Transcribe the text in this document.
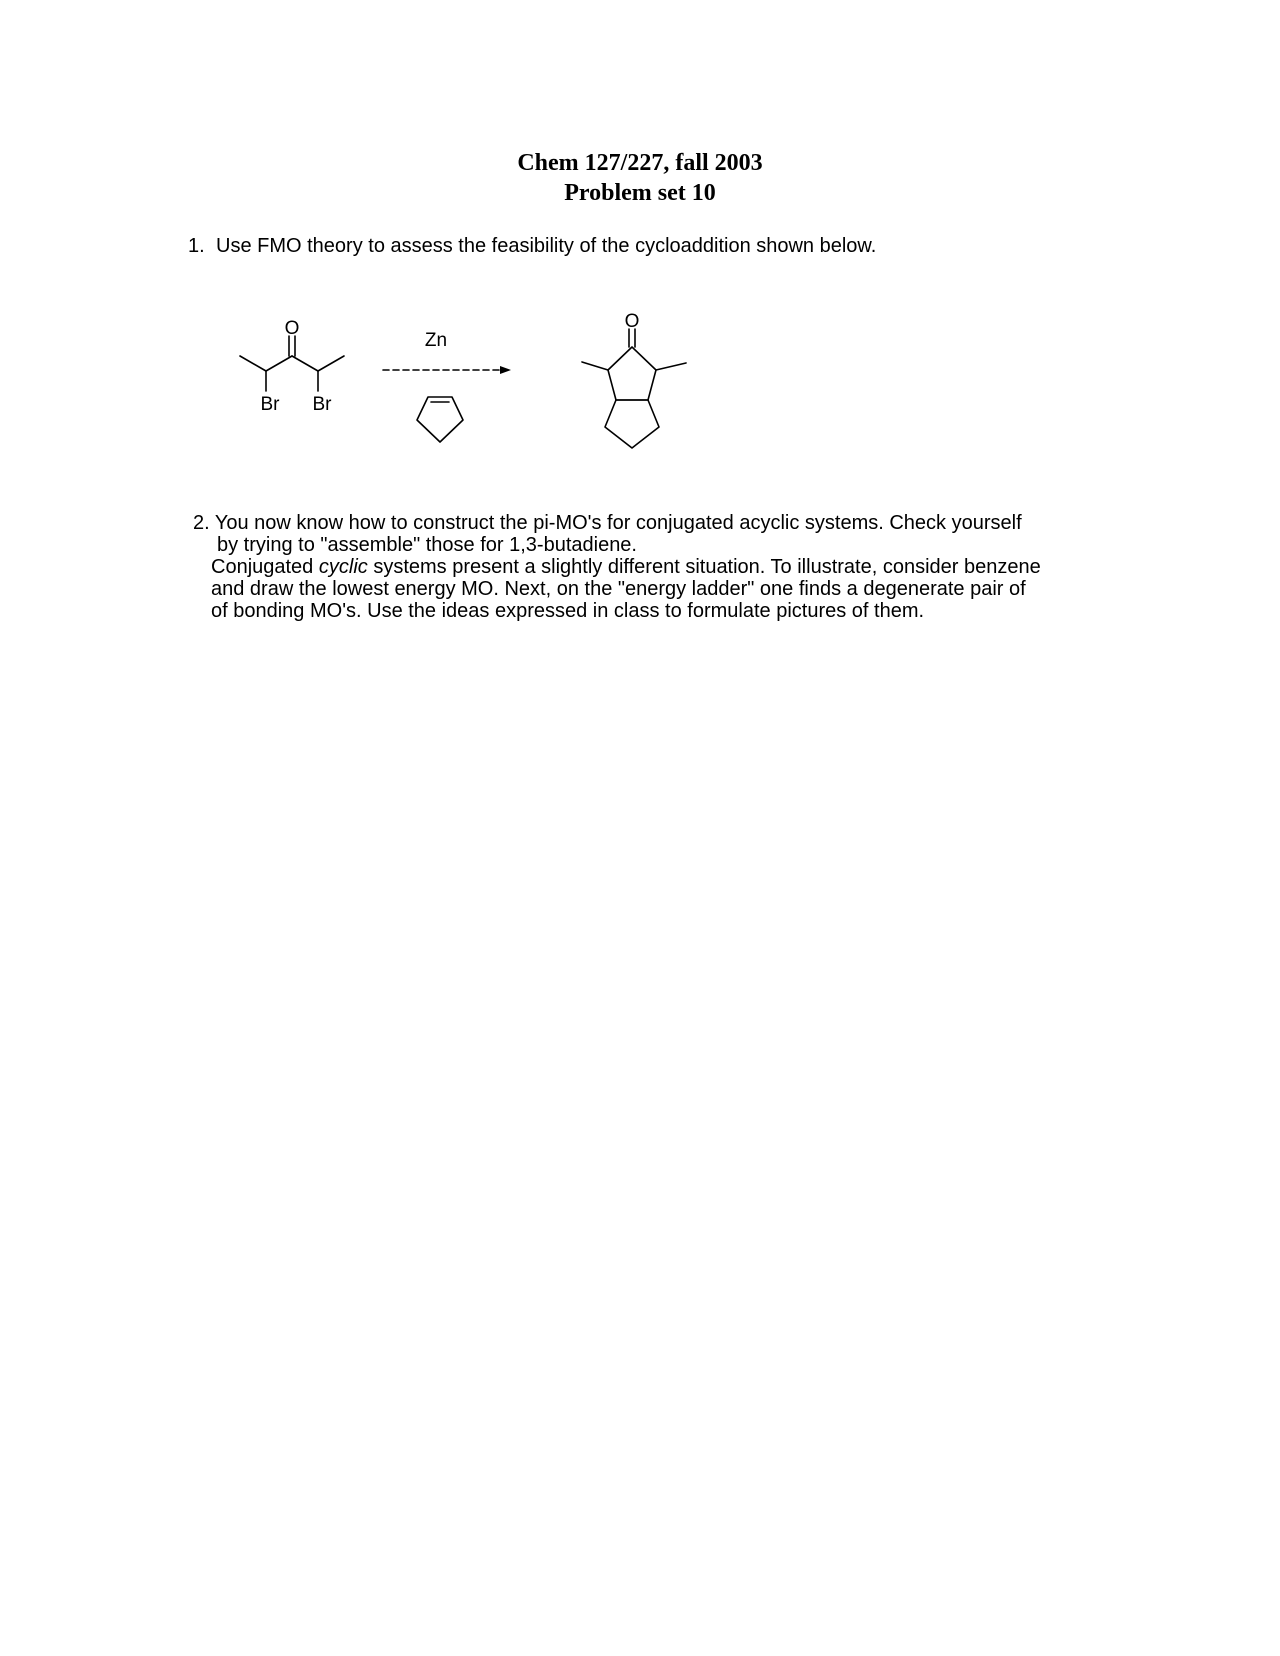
Chem 127/227, fall 2003
Problem set 10
1. Use FMO theory to assess the feasibility of the cycloaddition shown below.
O
Br Br
Zn
O
2. You now know how to construct the pi-MO's for conjugated acyclic systems. Check yourself
by trying to "assemble" those for 1,3-butadiene.
Conjugated cyclic systems present a slightly different situation. To illustrate, consider benzene
and draw the lowest energy MO. Next, on the "energy ladder" one finds a degenerate pair of
of bonding MO's. Use the ideas expressed in class to formulate pictures of them.
